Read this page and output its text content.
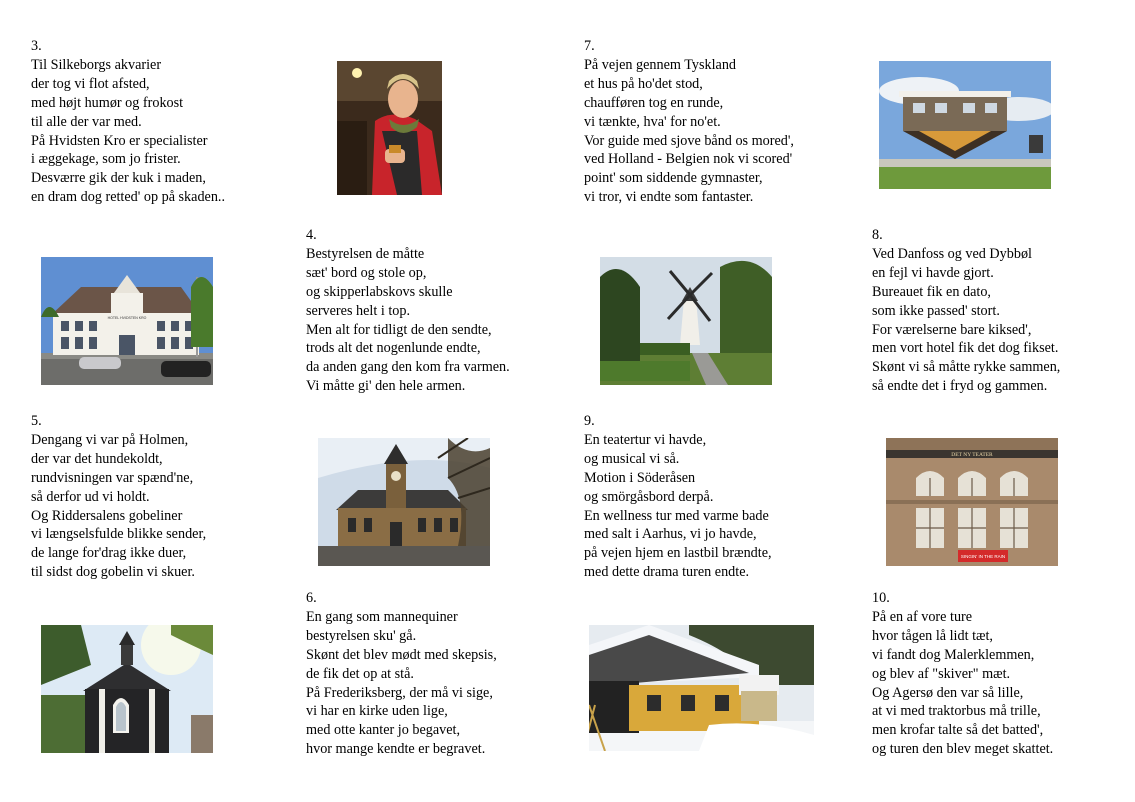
3.
Til Silkeborgs akvarier
der tog vi flot afsted,
med højt humør og frokost
til alle der var med.
På Hvidsten Kro er specialister
i æggekage, som jo frister.
Desværre gik der kuk i maden,
en dram dog retted' op på skaden..
4.
Bestyrelsen de måtte
sæt' bord og stole op,
og skipperlabskovs skulle
serveres helt i top.
Men alt for tidligt de den sendte,
trods alt det nogenlunde endte,
da anden gang den kom fra varmen.
Vi måtte gi' den hele armen.
5.
Dengang vi var på Holmen,
der var det hundekoldt,
rundvisningen var spænd'ne,
så derfor ud vi holdt.
Og Riddersalens gobeliner
vi længselsfulde blikke sender,
de lange for'drag ikke duer,
til sidst dog gobelin vi skuer.
6.
En gang som mannequiner
bestyrelsen sku' gå.
Skønt det blev mødt med skepsis,
de fik det op at stå.
På Frederiksberg, der må vi sige,
vi har en kirke uden lige,
med otte kanter jo begavet,
hvor mange kendte er begravet.
7.
På vejen gennem Tyskland
et hus på ho'det stod,
chaufføren tog en runde,
vi tænkte, hva' for no'et.
Vor guide med sjove bånd os mored',
ved Holland - Belgien nok vi scored'
point' som siddende gymnaster,
vi tror, vi endte som fantaster.
8.
Ved Danfoss og ved Dybbøl
en fejl vi havde gjort.
Bureauet fik en dato,
som ikke passed' stort.
For værelserne bare kiksed',
men vort hotel fik det dog fikset.
Skønt vi så måtte rykke sammen,
så endte det i fryd og gammen.
9.
En teatertur vi havde,
og musical vi så.
Motion i Söderåsen
og smörgåsbord derpå.
En wellness tur med varme bade
med salt i Aarhus, vi jo havde,
på vejen hjem en lastbil brændte,
med dette drama turen endte.
10.
På en af vore ture
hvor tågen lå lidt tæt,
vi fandt dog Malerklemmen,
og blev af "skiver" mæt.
Og Agersø den var så lille,
at vi med traktorbus må trille,
men krofar talte så det batted',
og turen den blev meget skattet.
HOTEL HVIDSTEN KRO
DET NY TEATER
SINGIN' IN THE RAIN
